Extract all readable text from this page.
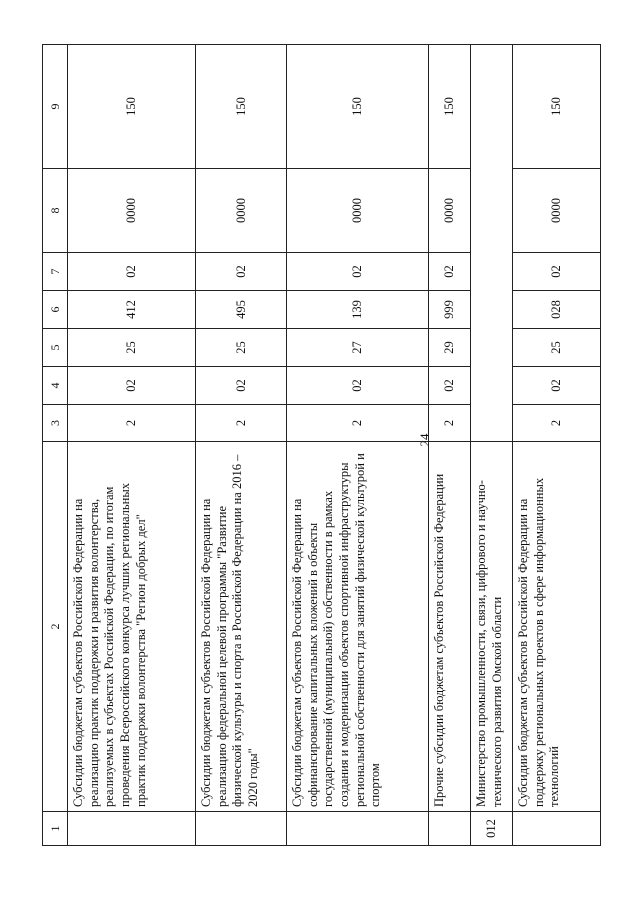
24
1	2	3	4	5	6	7	8	9
	Субсидии бюджетам субъектов Российской Федерации на реализацию практик поддержки и развития волонтерства, реализуемых в субъектах Российской Федерации, по итогам проведения Всероссийского конкурса лучших региональных практик поддержки волонтерства "Регион добрых дел"	2	02	25	412	02	0000	150
	Субсидии бюджетам субъектов Российской Федерации на реализацию федеральной целевой программы "Развитие физической культуры и спорта в Российской Федерации на 2016 – 2020 годы"	2	02	25	495	02	0000	150
	Субсидии бюджетам субъектов Российской Федерации на софинансирование капитальных вложений в объекты государственной (муниципальной) собственности в рамках создания и модернизации объектов спортивной инфраструктуры региональной собственности для занятий физической культурой и спортом	2	02	27	139	02	0000	150
	Прочие субсидии бюджетам субъектов Российской Федерации	2	02	29	999	02	0000	150
012	Министерство промышленности, связи, цифрового и научно-технического развития Омской области							
	Субсидии бюджетам субъектов Российской Федерации на поддержку региональных проектов в сфере информационных технологий	2	02	25	028	02	0000	150
